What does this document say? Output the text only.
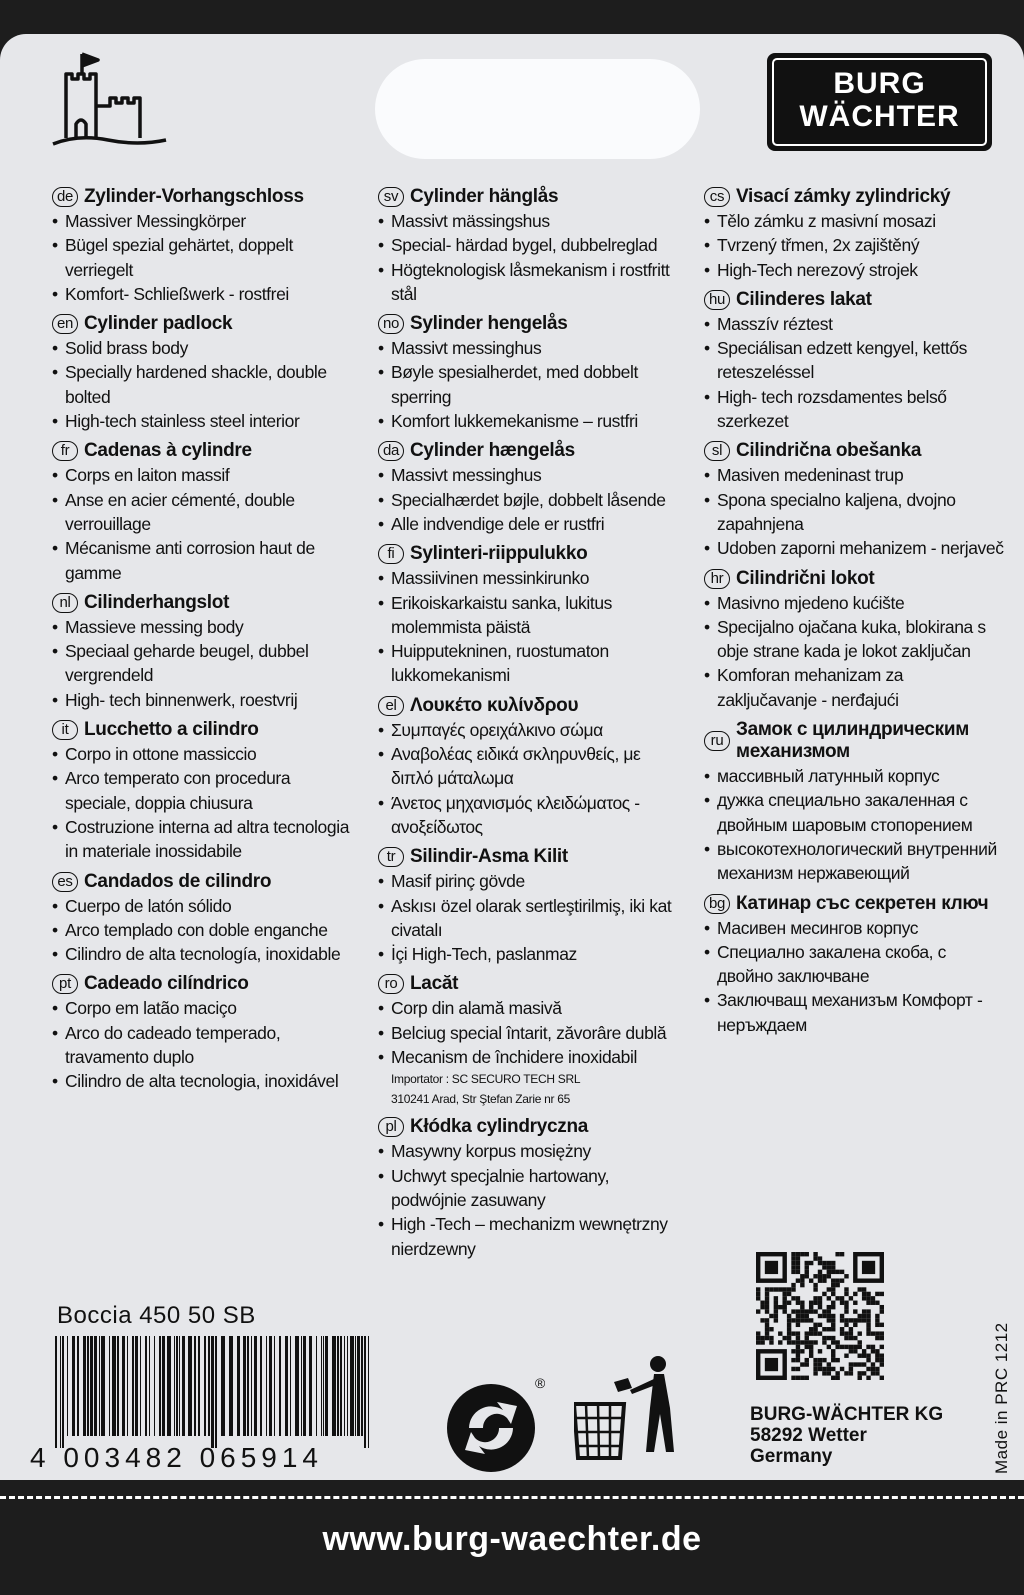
BURG
WÄCHTER
de Zylinder-Vorhangschloss
• Massiver Messingkörper
• Bügel spezial gehärtet, doppelt verriegelt
• Komfort- Schließwerk - rostfrei
en Cylinder padlock
• Solid brass body
• Specially hardened shackle, double bolted
• High-tech stainless steel interior
fr Cadenas à cylindre
• Corps en laiton massif
• Anse en acier cémenté, double verrouillage
• Mécanisme anti corrosion haut de gamme
nl Cilinderhangslot
• Massieve messing body
• Speciaal geharde beugel, dubbel vergrendeld
• High- tech binnenwerk, roestvrij
it Lucchetto a cilindro
• Corpo in ottone massiccio
• Arco temperato con procedura speciale, doppia chiusura
• Costruzione interna ad altra tecnologia in materiale inossidabile
es Candados de cilindro
• Cuerpo de latón sólido
• Arco templado con doble enganche
• Cilindro de alta tecnología, inoxidable
pt Cadeado cilíndrico
• Corpo em latão maciço
• Arco do cadeado temperado, travamento duplo
• Cilindro de alta tecnologia, inoxidável
sv Cylinder hänglås
• Massivt mässingshus
• Special- härdad bygel, dubbelreglad
• Högteknologisk låsmekanism i rostfritt stål
no Sylinder hengelås
• Massivt messinghus
• Bøyle spesialherdet, med dobbelt sperring
• Komfort lukkemekanisme – rustfri
da Cylinder hængelås
• Massivt messinghus
• Specialhærdet bøjle, dobbelt låsende
• Alle indvendige dele er rustfri
fi Sylinteri-riippulukko
• Massiivinen messinkirunko
• Erikoiskarkaistu sanka, lukitus molemmista päistä
• Huipputekninen, ruostumaton lukkomekanismi
el Λουκέτο κυλίνδρου
• Συμπαγές ορειχάλκινο σώμα
• Αναβολέας ειδικά σκληρυνθείς, με διπλό μάταλωμα
• Άνετος μηχανισμός κλειδώματος - ανοξείδωτος
tr Silindir-Asma Kilit
• Masif pirinç gövde
• Askısı özel olarak sertleştirilmiş, iki kat civatalı
• İçi High-Tech, paslanmaz
ro Lacăt
• Corp din alamă masivă
• Belciug special întarit, zăvorâre dublă
• Mecanism de închidere inoxidabil
Importator : SC SECURO TECH SRL
310241 Arad, Str Ştefan Zarie nr 65
pl Kłódka cylindryczna
• Masywny korpus mosiężny
• Uchwyt specjalnie hartowany, podwójnie zasuwany
• High -Tech – mechanizm wewnętrzny nierdzewny
cs Visací zámky zylindrický
• Tělo zámku z masivní mosazi
• Tvrzený třmen, 2x zajištěný
• High-Tech nerezový strojek
hu Cilinderes lakat
• Masszív réztest
• Speciálisan edzett kengyel, kettős reteszeléssel
• High- tech rozsdamentes belső szerkezet
sl Cilindrična obešanka
• Masiven medeninast trup
• Spona specialno kaljena, dvojno zapahnjena
• Udoben zaporni mehanizem - nerjaveč
hr Cilindrični lokot
• Masivno mjedeno kućište
• Specijalno ojačana kuka, blokirana s obje strane kada je lokot zaključan
• Komforan mehanizam za zaključavanje - nerđajući
ru
Замок с цилиндрическим механизмом
• массивный латунный корпус
• дужка специально закаленная с двойным шаровым стопорением
• высокотехнологический внутренний механизм нержавеющий
bg Катинар със секретен ключ
• Масивен месингов корпус
• Специално закалена скоба, с двойно заключване
• Заключващ механизъм Комфорт - неръждаем
Boccia 450 50 SB
4 003482 065914
®	Made in PRC 1212
BURG-WÄCHTER KG
58292 Wetter
Germany
www.burg-waechter.de
